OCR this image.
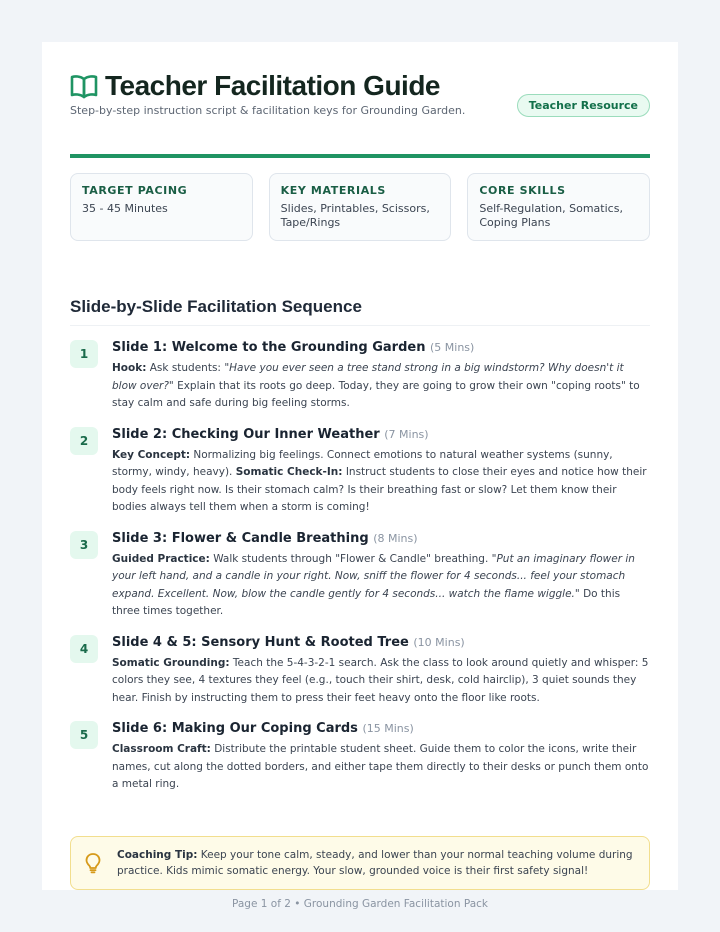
Teacher Facilitation Guide
Step-by-step instruction script & facilitation keys for Grounding Garden.	Teacher Resource
TARGET PACING
35 - 45 Minutes
KEY MATERIALS
Slides, Printables, Scissors, Tape/Rings
CORE SKILLS
Self-Regulation, Somatics, Coping Plans
Slide-by-Slide Facilitation Sequence
1	Slide 1: Welcome to the Grounding Garden (5 Mins)
Hook: Ask students: "Have you ever seen a tree stand strong in a big windstorm? Why doesn't it blow over?" Explain that its roots go deep. Today, they are going to grow their own "coping roots" to stay calm and safe during big feeling storms.
2	Slide 2: Checking Our Inner Weather (7 Mins)
Key Concept: Normalizing big feelings. Connect emotions to natural weather systems (sunny, stormy, windy, heavy). Somatic Check-In: Instruct students to close their eyes and notice how their body feels right now. Is their stomach calm? Is their breathing fast or slow? Let them know their bodies always tell them when a storm is coming!
3	Slide 3: Flower & Candle Breathing (8 Mins)
Guided Practice: Walk students through "Flower & Candle" breathing. "Put an imaginary flower in your left hand, and a candle in your right. Now, sniff the flower for 4 seconds... feel your stomach expand. Excellent. Now, blow the candle gently for 4 seconds... watch the flame wiggle." Do this three times together.
4	Slide 4 & 5: Sensory Hunt & Rooted Tree (10 Mins)
Somatic Grounding: Teach the 5-4-3-2-1 search. Ask the class to look around quietly and whisper: 5 colors they see, 4 textures they feel (e.g., touch their shirt, desk, cold hairclip), 3 quiet sounds they hear. Finish by instructing them to press their feet heavy onto the floor like roots.
5	Slide 6: Making Our Coping Cards (15 Mins)
Classroom Craft: Distribute the printable student sheet. Guide them to color the icons, write their names, cut along the dotted borders, and either tape them directly to their desks or punch them onto a metal ring.
Coaching Tip: Keep your tone calm, steady, and lower than your normal teaching volume during practice. Kids mimic somatic energy. Your slow, grounded voice is their first safety signal!
Page 1 of 2 • Grounding Garden Facilitation Pack
